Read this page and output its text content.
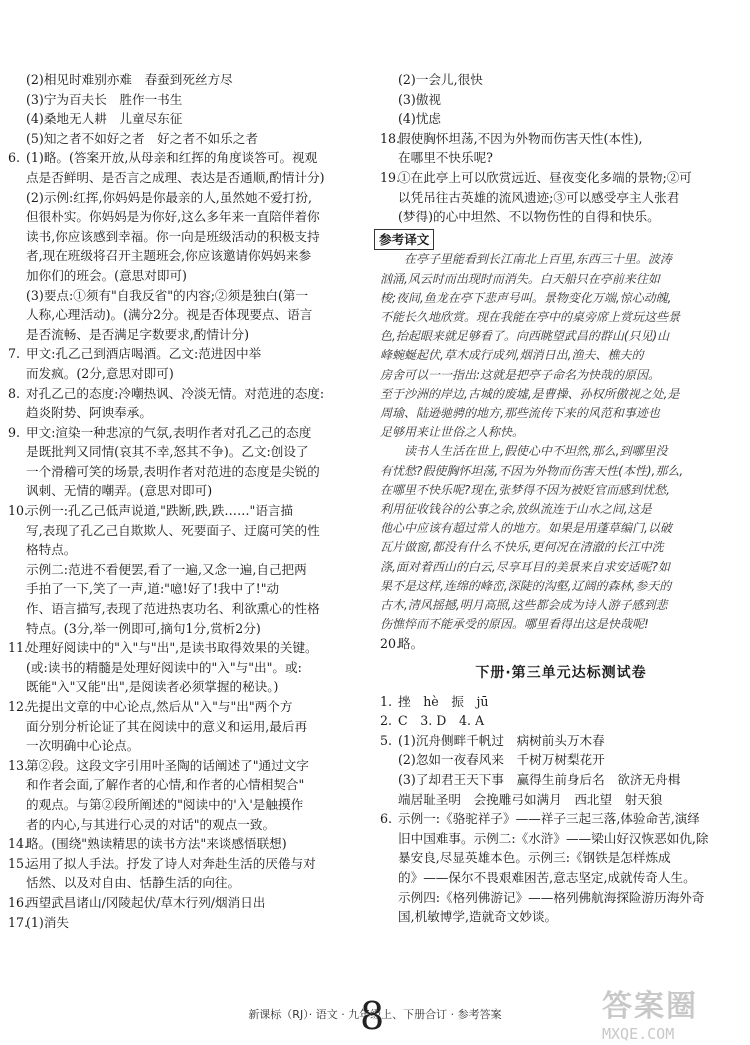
(2)相见时难别亦难　春蚕到死丝方尽
(3)宁为百夫长　胜作一书生
(4)桑地无人耕　儿童尽东征
(5)知之者不如好之者　好之者不如乐之者
6. (1)略。(答案开放,从母亲和红挥的角度谈答可。视观
点是否鲜明、是否言之成理、表达是否通顺,酌情计分)
(2)示例:红挥,你妈妈是你最亲的人,虽然她不爱打扮,
但很朴实。你妈妈是为你好,这么多年来一直陪伴着你
读书,你应该感到幸福。你一向是班级活动的积极支持
者,现在班级将召开主题班会,你应该邀请你妈妈来参
加你们的班会。(意思对即可)
(3)要点:①须有"自我反省"的内容;②须是独白(第一
人称,心理活动)。(满分2分。视是否体现要点、语言
是否流畅、是否满足字数要求,酌情计分)
7. 甲文:孔乙己到酒店喝酒。乙文:范进因中举
而发疯。(2分,意思对即可)
8. 对孔乙己的态度:冷嘲热讽、冷淡无情。对范进的态度:
趋炎附势、阿谀奉承。
9. 甲文:渲染一种悲凉的气氛,表明作者对孔乙己的态度
是既批判又同情(哀其不幸,怒其不争)。乙文:创设了
一个滑稽可笑的场景,表明作者对范进的态度是尖锐的
讽刺、无情的嘲弄。(意思对即可)
10.
示例一:孔乙己低声说道,"跌断,跌,跌……"语言描
写,表现了孔乙己自欺欺人、死要面子、迂腐可笑的性
格特点。
示例二:范进不看便罢,看了一遍,又念一遍,自己把两
手拍了一下,笑了一声,道:"噫!好了!我中了!"动
作、语言描写,表现了范进热衷功名、利欲熏心的性格
特点。(3分,举一例即可,摘句1分,赏析2分)
11.
处理好阅读中的"入"与"出",是读书取得效果的关键。
(或:读书的精髓是处理好阅读中的"入"与"出"。或:
既能"入"又能"出",是阅读者必须掌握的秘诀。)
12.
先提出文章的中心论点,然后从"入"与"出"两个方
面分别分析论证了其在阅读中的意义和运用,最后再
一次明确中心论点。
13.
第②段。这段文字引用叶圣陶的话阐述了"通过文字
和作者会面,了解作者的心情,和作者的心情相契合"
的观点。与第②段所阐述的"阅读中的'入'是触摸作
者的内心,与其进行心灵的对话"的观点一致。
14.
略。(围绕"熟读精思的读书方法"来谈感悟联想)
15.
运用了拟人手法。抒发了诗人对奔赴生活的厌倦与对
恬然、以及对自由、恬静生活的向往。
16.
西望武昌诸山/冈陵起伏/草木行列/烟消日出
17.
(1)消失
(2)一会儿,很快
(3)傲视
(4)忧虑
18.
假使胸怀坦荡,不因为外物而伤害天性(本性),
在哪里不快乐呢?
19.
①在此亭上可以欣赏远近、昼夜变化多端的景物;②可
以凭吊往古英雄的流风遗迹;③可以感受亭主人张君
(梦得)的心中坦然、不以物伤性的自得和快乐。
参考译文
　　在亭子里能看到长江南北上百里,东西三十里。波涛
汹涌,风云时而出现时而消失。白天船只在亭前来往如
梭;夜间,鱼龙在亭下悲声号叫。景物变化万端,惊心动魄,
不能长久地欣赏。现在我能在亭中的桌旁席上赏玩这些景
色,抬起眼来就足够看了。向西眺望武昌的群山(只见)山
峰蜿蜒起伏,草木成行成列,烟消日出,渔夫、樵夫的
房舍可以一一指出:这就是把亭子命名为快哉的原因。
至于沙洲的岸边,古城的废墟,是曹操、孙权所傲视之处,是
周瑜、陆逊驰骋的地方,那些流传下来的风范和事迹也
足够用来让世俗之人称快。
　　读书人生活在世上,假使心中不坦然,那么,到哪里没
有忧愁?假使胸怀坦荡,不因为外物而伤害天性(本性),那么,
在哪里不快乐呢?现在,张梦得不因为被贬官而感到忧愁,
利用征收钱谷的公事之余,放纵流连于山水之间,这是
他心中应该有超过常人的地方。如果是用蓬草编门,以破
瓦片做窗,都没有什么不快乐,更何况在清澈的长江中洗
涤,面对着西山的白云,尽享耳目的美景来自求安适呢?如
果不是这样,连绵的峰峦,深陡的沟壑,辽阔的森林,参天的
古木,清风摇撼,明月高照,这些都会成为诗人游子感到悲
伤憔悴而不能承受的原因。哪里看得出这是快哉呢!
20.
略。
下册·第三单元达标测试卷
1. 挫　hè　振　jū
2. C　3. D　4. A
5. (1)沉舟侧畔千帆过　病树前头万木春
(2)忽如一夜春风来　千树万树梨花开
(3)了却君王天下事　赢得生前身后名　欲济无舟楫
端居耻圣明　会挽雕弓如满月　西北望　射天狼
6. 示例一:《骆驼祥子》——祥子三起三落,体验命苦,演绎
旧中国难事。示例二:《水浒》——梁山好汉恢恶如仇,除
暴安良,尽显英雄本色。示例三:《钢铁是怎样炼成
的》——保尔不畏艰难困苦,意志坚定,成就传奇人生。
示例四:《格列佛游记》——格列佛航海探险游历海外奇
国,机敏博学,造就奇文妙谈。
新课标（RJ）· 语文 · 九年级上、下册合订 · 参考答案
8	答案圈
MXQE.COM
